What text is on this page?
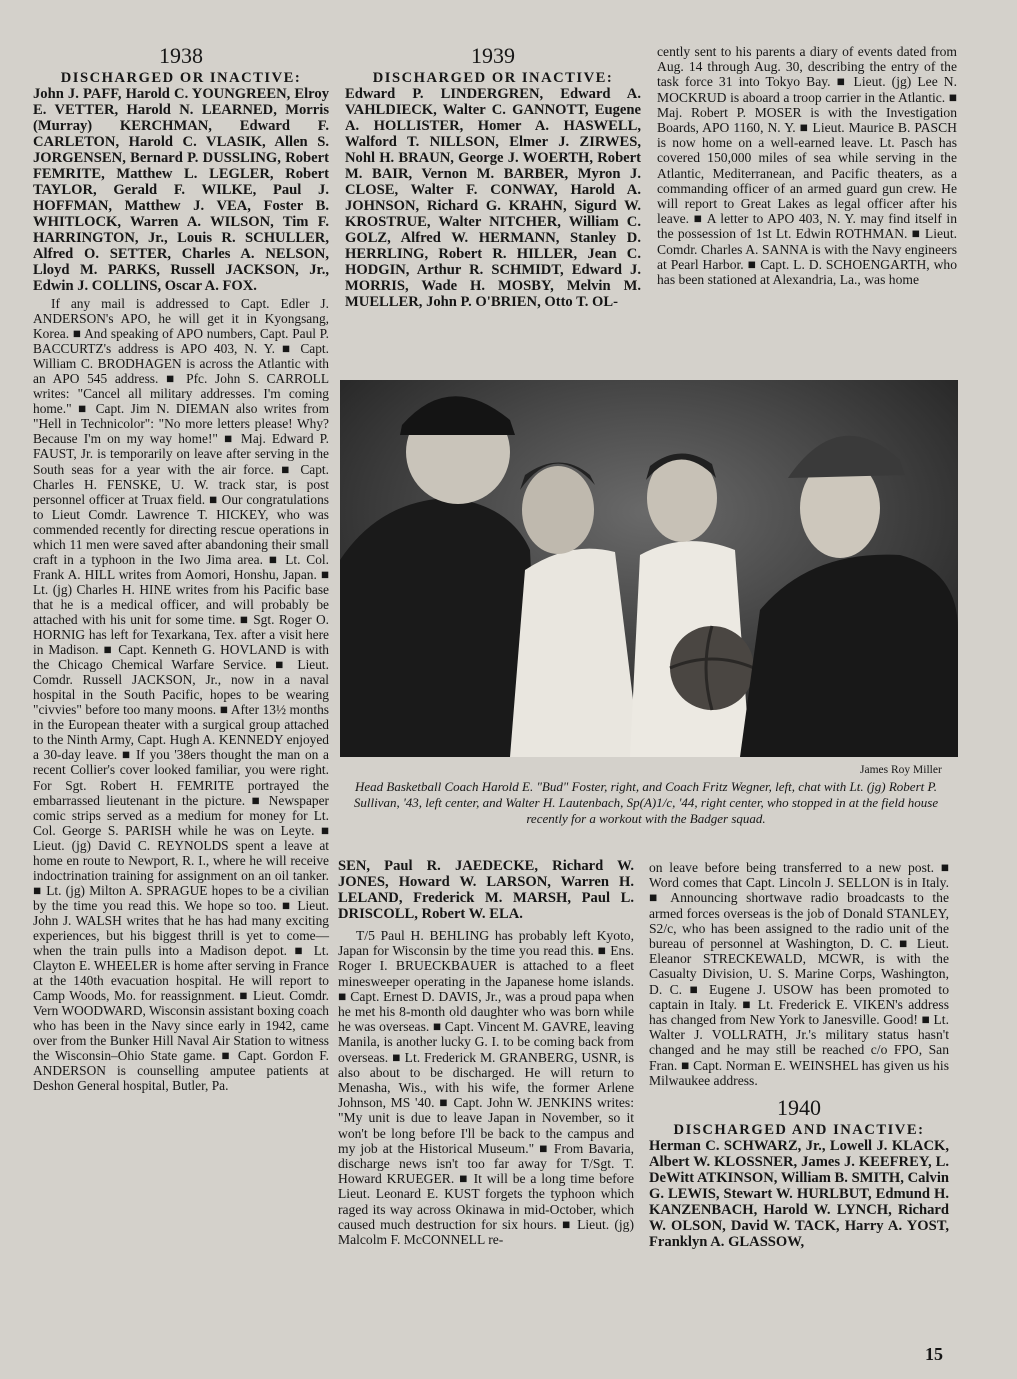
1938
DISCHARGED OR INACTIVE:
John J. PAFF, Harold C. YOUNGREEN, Elroy E. VETTER, Harold N. LEARNED, Morris (Murray) KERCHMAN, Edward F. CARLETON, Harold C. VLASIK, Allen S. JORGENSEN, Bernard P. DUSSLING, Robert FEMRITE, Matthew L. LEGLER, Robert TAYLOR, Gerald F. WILKE, Paul J. HOFFMAN, Matthew J. VEA, Foster B. WHITLOCK, Warren A. WILSON, Tim F. HARRINGTON, Jr., Louis R. SCHULLER, Alfred O. SETTER, Charles A. NELSON, Lloyd M. PARKS, Russell JACKSON, Jr., Edwin J. COLLINS, Oscar A. FOX.

If any mail is addressed to Capt. Edler J. ANDERSON's APO, he will get it in Kyongsang, Korea. ■ And speaking of APO numbers, Capt. Paul P. BACCURTZ's address is APO 403, N. Y. ■ Capt. William C. BRODHAGEN is across the Atlantic with an APO 545 address. ■ Pfc. John S. CARROLL writes: "Cancel all military addresses. I'm coming home." ■ Capt. Jim N. DIEMAN also writes from "Hell in Technicolor": "No more letters please! Why? Because I'm on my way home!" ■ Maj. Edward P. FAUST, Jr. is temporarily on leave after serving in the South seas for a year with the air force. ■ Capt. Charles H. FENSKE, U. W. track star, is post personnel officer at Truax field. ■ Our congratulations to Lieut Comdr. Lawrence T. HICKEY, who was commended recently for directing rescue operations in which 11 men were saved after abandoning their small craft in a typhoon in the Iwo Jima area. ■ Lt. Col. Frank A. HILL writes from Aomori, Honshu, Japan. ■ Lt. (jg) Charles H. HINE writes from his Pacific base that he is a medical officer, and will probably be attached with his unit for some time. ■ Sgt. Roger O. HORNIG has left for Texarkana, Tex. after a visit here in Madison. ■ Capt. Kenneth G. HOVLAND is with the Chicago Chemical Warfare Service. ■ Lieut. Comdr. Russell JACKSON, Jr., now in a naval hospital in the South Pacific, hopes to be wearing "civvies" before too many moons. ■ After 13½ months in the European theater with a surgical group attached to the Ninth Army, Capt. Hugh A. KENNEDY enjoyed a 30-day leave. ■ If you '38ers thought the man on a recent Collier's cover looked familiar, you were right. For Sgt. Robert H. FEMRITE portrayed the embarrassed lieutenant in the picture. ■ Newspaper comic strips served as a medium for money for Lt. Col. George S. PARISH while he was on Leyte. ■ Lieut. (jg) David C. REYNOLDS spent a leave at home en route to Newport, R. I., where he will receive indoctrination training for assignment on an oil tanker. ■ Lt. (jg) Milton A. SPRAGUE hopes to be a civilian by the time you read this. We hope so too. ■ Lieut. John J. WALSH writes that he has had many exciting experiences, but his biggest thrill is yet to come—when the train pulls into a Madison depot. ■ Lt. Clayton E. WHEELER is home after serving in France at the 140th evacuation hospital. He will report to Camp Woods, Mo. for reassignment. ■ Lieut. Comdr. Vern WOODWARD, Wisconsin assistant boxing coach who has been in the Navy since early in 1942, came over from the Bunker Hill Naval Air Station to witness the Wisconsin–Ohio State game. ■ Capt. Gordon F. ANDERSON is counselling amputee patients at Deshon General hospital, Butler, Pa.

1939
DISCHARGED OR INACTIVE:
Edward P. LINDERGREN, Edward A. VAHLDIECK, Walter C. GANNOTT, Eugene A. HOLLISTER, Homer A. HASWELL, Walford T. NILLSON, Elmer J. ZIRWES, Nohl H. BRAUN, George J. WOERTH, Robert M. BAIR, Vernon M. BARBER, Myron J. CLOSE, Walter F. CONWAY, Harold A. JOHNSON, Richard G. KRAHN, Sigurd W. KROSTRUE, Walter NITCHER, William C. GOLZ, Alfred W. HERMANN, Stanley D. HERRLING, Robert R. HILLER, Jean C. HODGIN, Arthur R. SCHMIDT, Edward J. MORRIS, Wade H. MOSBY, Melvin M. MUELLER, John P. O'BRIEN, Otto T. OL-

cently sent to his parents a diary of events dated from Aug. 14 through Aug. 30, describing the entry of the task force 31 into Tokyo Bay. ■ Lieut. (jg) Lee N. MOCKRUD is aboard a troop carrier in the Atlantic. ■ Maj. Robert P. MOSER is with the Investigation Boards, APO 1160, N. Y. ■ Lieut. Maurice B. PASCH is now home on a well-earned leave. Lt. Pasch has covered 150,000 miles of sea while serving in the Atlantic, Mediterranean, and Pacific theaters, as a commanding officer of an armed guard gun crew. He will report to Great Lakes as legal officer after his leave. ■ A letter to APO 403, N. Y. may find itself in the possession of 1st Lt. Edwin ROTHMAN. ■ Lieut. Comdr. Charles A. SANNA is with the Navy engineers at Pearl Harbor. ■ Capt. L. D. SCHOENGARTH, who has been stationed at Alexandria, La., was home

James Roy Miller
Head Basketball Coach Harold E. "Bud" Foster, right, and Coach Fritz Wegner, left, chat with Lt. (jg) Robert P. Sullivan, '43, left center, and Walter H. Lautenbach, Sp(A)1/c, '44, right center, who stopped in at the field house recently for a workout with the Badger squad.
SEN, Paul R. JAEDECKE, Richard W. JONES, Howard W. LARSON, Warren H. LELAND, Frederick M. MARSH, Paul L. DRISCOLL, Robert W. ELA.

T/5 Paul H. BEHLING has probably left Kyoto, Japan for Wisconsin by the time you read this. ■ Ens. Roger I. BRUECKBAUER is attached to a fleet minesweeper operating in the Japanese home islands. ■ Capt. Ernest D. DAVIS, Jr., was a proud papa when he met his 8-month old daughter who was born while he was overseas. ■ Capt. Vincent M. GAVRE, leaving Manila, is another lucky G. I. to be coming back from overseas. ■ Lt. Frederick M. GRANBERG, USNR, is also about to be discharged. He will return to Menasha, Wis., with his wife, the former Arlene Johnson, MS '40. ■ Capt. John W. JENKINS writes: "My unit is due to leave Japan in November, so it won't be long before I'll be back to the campus and my job at the Historical Museum." ■ From Bavaria, discharge news isn't too far away for T/Sgt. T. Howard KRUEGER. ■ It will be a long time before Lieut. Leonard E. KUST forgets the typhoon which raged its way across Okinawa in mid-October, which caused much destruction for six hours. ■ Lieut. (jg) Malcolm F. McCONNELL re-

on leave before being transferred to a new post. ■ Word comes that Capt. Lincoln J. SELLON is in Italy. ■ Announcing shortwave radio broadcasts to the armed forces overseas is the job of Donald STANLEY, S2/c, who has been assigned to the radio unit of the bureau of personnel at Washington, D. C. ■ Lieut. Eleanor STRECKEWALD, MCWR, is with the Casualty Division, U. S. Marine Corps, Washington, D. C. ■ Eugene J. USOW has been promoted to captain in Italy. ■ Lt. Frederick E. VIKEN's address has changed from New York to Janesville. Good! ■ Lt. Walter J. VOLLRATH, Jr.'s military status hasn't changed and he may still be reached c/o FPO, San Fran. ■ Capt. Norman E. WEINSHEL has given us his Milwaukee address.

1940
DISCHARGED AND INACTIVE:
Herman C. SCHWARZ, Jr., Lowell J. KLACK, Albert W. KLOSSNER, James J. KEEFREY, L. DeWitt ATKINSON, William B. SMITH, Calvin G. LEWIS, Stewart W. HURLBUT, Edmund H. KANZENBACH, Harold W. LYNCH, Richard W. OLSON, David W. TACK, Harry A. YOST, Franklyn A. GLASSOW,
15
